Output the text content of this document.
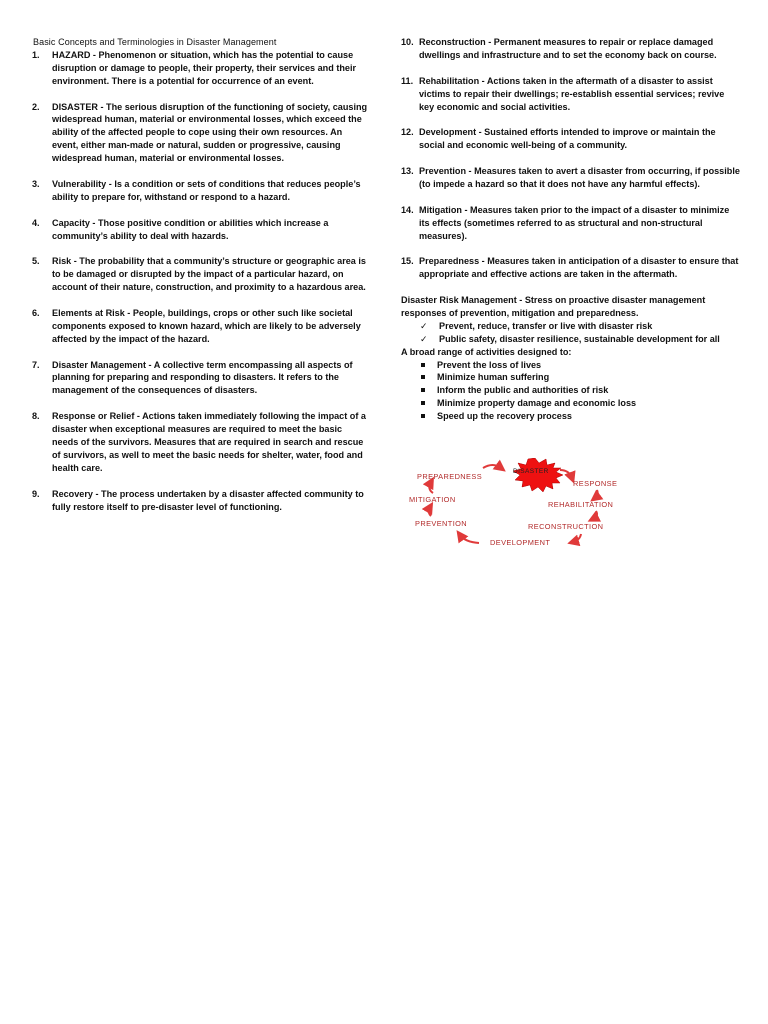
Basic Concepts and Terminologies in Disaster Management
1. HAZARD - Phenomenon or situation, which has the potential to cause disruption or damage to people, their property, their services and their environment. There is a potential for occurrence of an event.
2. DISASTER - The serious disruption of the functioning of society, causing widespread human, material or environmental losses, which exceed the ability of the affected people to cope using their own resources. An event, either man-made or natural, sudden or progressive, causing widespread human, material or environmental losses.
3. Vulnerability - Is a condition or sets of conditions that reduces people’s ability to prepare for, withstand or respond to a hazard.
4. Capacity - Those positive condition or abilities which increase a community’s ability to deal with hazards.
5. Risk - The probability that a community’s structure or geographic area is to be damaged or disrupted by the impact of a particular hazard, on account of their nature, construction, and proximity to a hazardous area.
6. Elements at Risk - People, buildings, crops or other such like societal components exposed to known hazard, which are likely to be adversely affected by the impact of the hazard.
7. Disaster Management - A collective term encompassing all aspects of planning for preparing and responding to disasters. It refers to the management of the consequences of disasters.
8. Response or Relief - Actions taken immediately following the impact of a disaster when exceptional measures are required to meet the basic needs of the survivors. Measures that are required in search and rescue of survivors, as well to meet the basic needs for shelter, water, food and health care.
9. Recovery - The process undertaken by a disaster affected community to fully restore itself to pre-disaster level of functioning.
10. Reconstruction - Permanent measures to repair or replace damaged dwellings and infrastructure and to set the economy back on course.
11. Rehabilitation - Actions taken in the aftermath of a disaster to assist victims to repair their dwellings; re-establish essential services; revive key economic and social activities.
12. Development - Sustained efforts intended to improve or maintain the social and economic well-being of a community.
13. Prevention - Measures taken to avert a disaster from occurring, if possible (to impede a hazard so that it does not have any harmful effects).
14. Mitigation - Measures taken prior to the impact of a disaster to minimize its effects (sometimes referred to as structural and non-structural measures).
15. Preparedness - Measures taken in anticipation of a disaster to ensure that appropriate and effective actions are taken in the aftermath.
Disaster Risk Management - Stress on proactive disaster management responses of prevention, mitigation and preparedness.
✓ Prevent, reduce, transfer or live with disaster risk
✓ Public safety, disaster resilience, sustainable development for all
A broad range of activities designed to:
Prevent the loss of lives
Minimize human suffering
Inform the public and authorities of risk
Minimize property damage and economic loss
Speed up the recovery process
DISASTER
RESPONSE
REHABILITATION
RECONSTRUCTION
DEVELOPMENT
PREVENTION
MITIGATION
PREPAREDNESS
